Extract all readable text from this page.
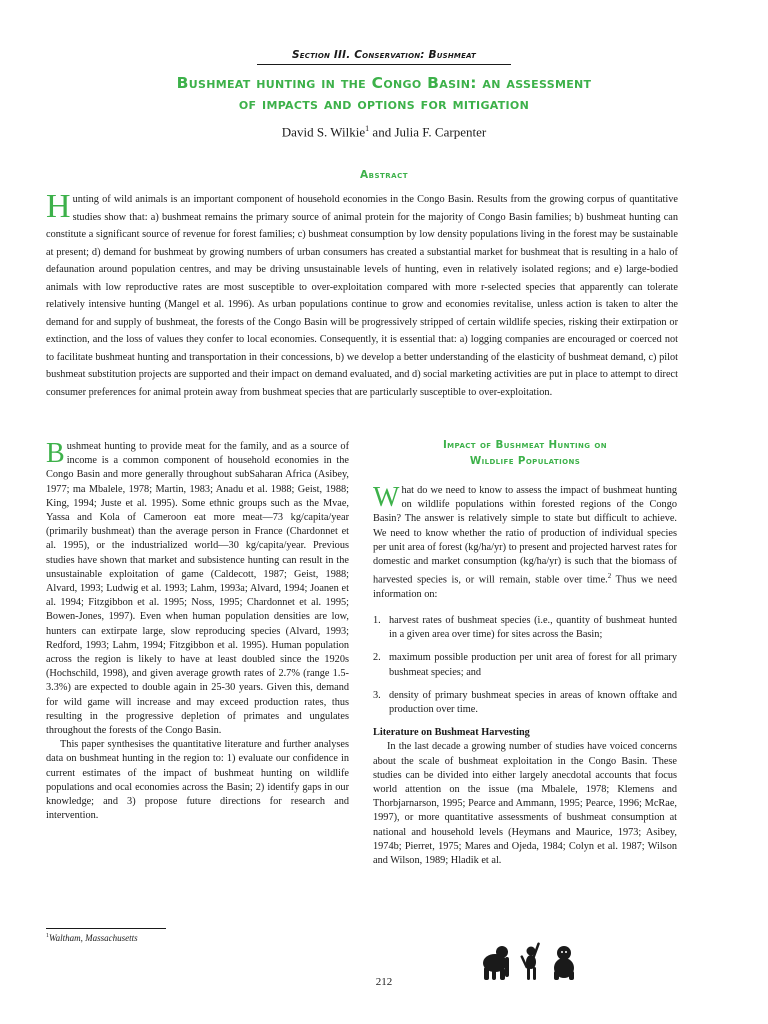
Section III. Conservation: Bushmeat
Bushmeat hunting in the Congo Basin: an assessment
of impacts and options for mitigation
David S. Wilkie$^1$ and Julia F. Carpenter
Abstract
Hunting of wild animals is an important component of household economies in the Congo Basin. Results from the growing corpus of quantitative studies show that: a) bushmeat remains the primary source of animal protein for the majority of Congo Basin families; b) bushmeat hunting can constitute a significant source of revenue for forest families; c) bushmeat consumption by low density populations living in the forest may be sustainable at present; d) demand for bushmeat by growing numbers of urban consumers has created a substantial market for bushmeat that is resulting in a halo of defaunation around population centres, and may be driving unsustainable levels of hunting, even in relatively isolated regions; and e) large-bodied animals with low reproductive rates are most susceptible to over-exploitation compared with more r-selected species that apparently can tolerate relatively intensive hunting (Mangel et al. 1996). As urban populations continue to grow and economies revitalise, unless action is taken to alter the demand for and supply of bushmeat, the forests of the Congo Basin will be progressively stripped of certain wildlife species, risking their extirpation or extinction, and the loss of values they confer to local economies. Consequently, it is essential that: a) logging companies are encouraged or coerced not to facilitate bushmeat hunting and transportation in their concessions, b) we develop a better understanding of the elasticity of bushmeat demand, c) pilot bushmeat substitution projects are supported and their impact on demand evaluated, and d) social marketing activities are put in place to attempt to direct consumer preferences for animal protein away from bushmeat species that are particularly susceptible to over-exploitation.

Bushmeat hunting to provide meat for the family, and as a source of income is a common component of household economies in the Congo Basin and more generally throughout subSaharan Africa (Asibey, 1977; ma Mbalele, 1978; Martin, 1983; Anadu et al. 1988; Geist, 1988; King, 1994; Juste et al. 1995). Some ethnic groups such as the Mvae, Yassa and Kola of Cameroon eat more meat—73 kg/capita/year (primarily bushmeat) than the average person in France (Chardonnet et al. 1995), or the industrialized world—30 kg/capita/year. Previous studies have shown that market and subsistence hunting can result in the unsustainable exploitation of game (Caldecott, 1987; Geist, 1988; Alvard, 1993; Ludwig et al. 1993; Lahm, 1993a; Alvard, 1994; Joanen et al. 1994; Fitzgibbon et al. 1995; Noss, 1995; Chardonnet et al. 1995; Bowen-Jones, 1997). Even when human population densities are low, hunters can extirpate large, slow reproducing species (Alvard, 1993; Redford, 1993; Lahm, 1994; Fitzgibbon et al. 1995). Human population across the region is likely to have at least doubled since the 1920s (Hochschild, 1998), and given average growth rates of 2.7% (range 1.5-3.3%) are expected to double again in 25-30 years. Given this, demand for wild game will increase and may exceed production rates, thus resulting in the progressive depletion of primates and ungulates throughout the forests of the Congo Basin.

This paper synthesises the quantitative literature and further analyses data on bushmeat hunting in the region to: 1) evaluate our confidence in current estimates of the impact of bushmeat hunting on wildlife populations and ocal economies across the Basin; 2) identify gaps in our knowledge; and 3) propose future directions for research and intervention.

Impact of Bushmeat Hunting on
Wildlife Populations

What do we need to know to assess the impact of bushmeat hunting on wildlife populations within forested regions of the Congo Basin? The answer is relatively simple to state but difficult to achieve. We need to know whether the ratio of production of individual species per unit area of forest (kg/ha/yr) to present and projected harvest rates for domestic and market consumption (kg/ha/yr) is such that the biomass of harvested species is, or will remain, stable over time.$^2$ Thus we need information on:

1. harvest rates of bushmeat species (i.e., quantity of bushmeat hunted in a given area over time) for sites across the Basin;
2. maximum possible production per unit area of forest for all primary bushmeat species; and
3. density of primary bushmeat species in areas of known offtake and production over time.

Literature on Bushmeat Harvesting

In the last decade a growing number of studies have voiced concerns about the scale of bushmeat exploitation in the Congo Basin. These studies can be divided into either largely anecdotal accounts that focus world attention on the issue (ma Mbalele, 1978; Klemens and Thorbjarnarson, 1995; Pearce and Ammann, 1995; Pearce, 1996; McRae, 1997), or more quantitative assessments of bushmeat consumption at national and household levels (Heymans and Maurice, 1973; Asibey, 1974b; Pierret, 1975; Mares and Ojeda, 1984; Colyn et al. 1987; Wilson and Wilson, 1989; Hladik et al.

$^1$Waltham, Massachusetts
212
